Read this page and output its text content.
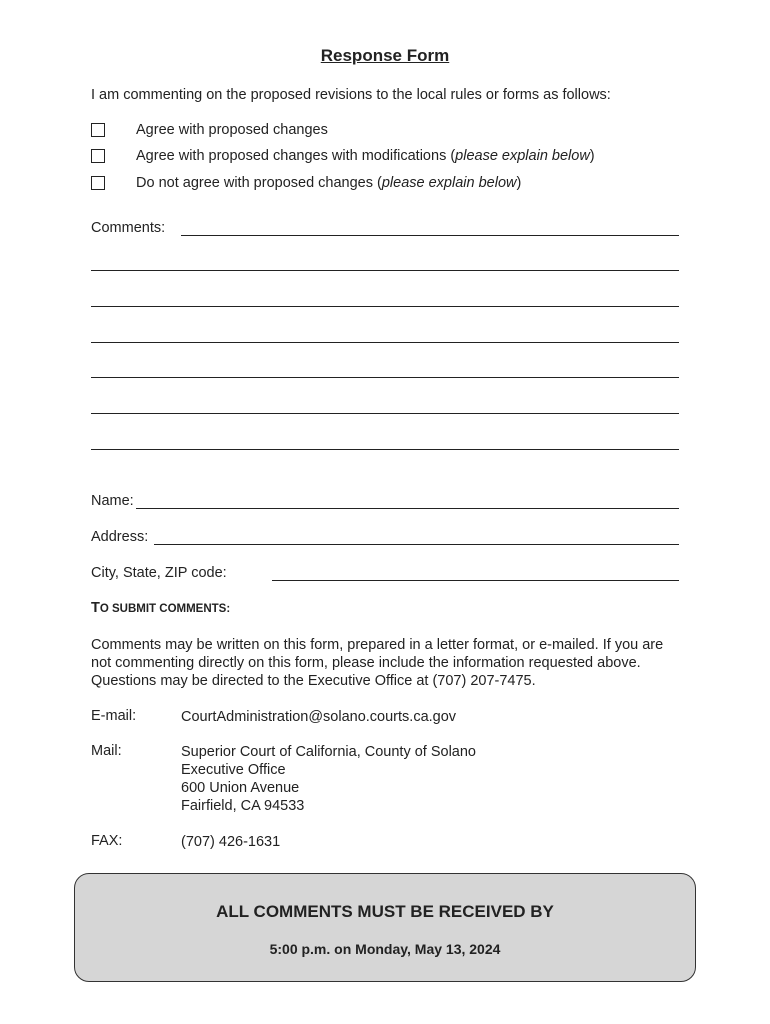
Response Form
I am commenting on the proposed revisions to the local rules or forms as follows:
Agree with proposed changes
Agree with proposed changes with modifications (please explain below)
Do not agree with proposed changes (please explain below)
Comments:
Name:
Address:
City, State, ZIP code:
TO SUBMIT COMMENTS:
Comments may be written on this form, prepared in a letter format, or e-mailed. If you are not commenting directly on this form, please include the information requested above. Questions may be directed to the Executive Office at (707) 207-7475.
E-mail:	CourtAdministration@solano.courts.ca.gov
Mail:	Superior Court of California, County of Solano
Executive Office
600 Union Avenue
Fairfield, CA 94533
FAX:	(707) 426-1631
ALL COMMENTS MUST BE RECEIVED BY
5:00 p.m. on Monday, May 13, 2024
